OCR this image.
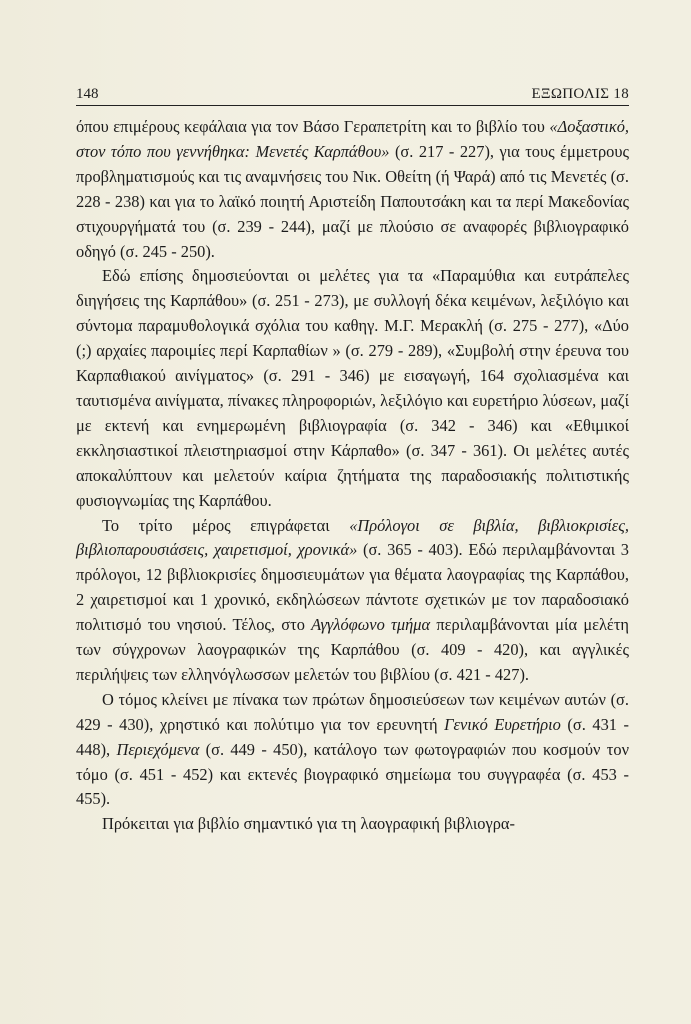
148	ΕΞΩΠΟΛΙΣ 18

όπου επιμέρους κεφάλαια για τον Βάσο Γεραπετρίτη και το βιβλίο του «Δοξαστικό, στον τόπο που γεννήθηκα: Μενετές Καρπάθου» (σ. 217 - 227), για τους έμμετρους προβληματισμούς και τις αναμνήσεις του Νικ. Οθείτη (ή Ψαρά) από τις Μενετές (σ. 228 - 238) και για το λαϊκό ποιητή Αριστείδη Παπουτσάκη και τα περί Μακεδονίας στιχουργήματά του (σ. 239 - 244), μαζί με πλούσιο σε αναφορές βιβλιογραφικό οδηγό (σ. 245 - 250).

Εδώ επίσης δημοσιεύονται οι μελέτες για τα «Παραμύθια και ευτράπελες διηγήσεις της Καρπάθου» (σ. 251 - 273), με συλλογή δέκα κειμένων, λεξιλόγιο και σύντομα παραμυθολογικά σχόλια του καθηγ. Μ.Γ. Μερακλή (σ. 275 - 277), «Δύο (;) αρχαίες παροιμίες περί Καρπαθίων » (σ. 279 - 289), «Συμβολή στην έρευνα του Καρπαθιακού αινίγματος» (σ. 291 - 346) με εισαγωγή, 164 σχολιασμένα και ταυτισμένα αινίγματα, πίνακες πληροφοριών, λεξιλόγιο και ευρετήριο λύσεων, μαζί με εκτενή και ενημερωμένη βιβλιογραφία (σ. 342 - 346) και «Εθιμικοί εκκλησιαστικοί πλειστηριασμοί στην Κάρπαθο» (σ. 347 - 361). Οι μελέτες αυτές αποκαλύπτουν και μελετούν καίρια ζητήματα της παραδοσιακής πολιτιστικής φυσιογνωμίας της Καρπάθου.

Το τρίτο μέρος επιγράφεται «Πρόλογοι σε βιβλία, βιβλιοκρισίες, βιβλιοπαρουσιάσεις, χαιρετισμοί, χρονικά» (σ. 365 - 403). Εδώ περιλαμβάνονται 3 πρόλογοι, 12 βιβλιοκρισίες δημοσιευμάτων για θέματα λαογραφίας της Καρπάθου, 2 χαιρετισμοί και 1 χρονικό, εκδηλώσεων πάντοτε σχετικών με τον παραδοσιακό πολιτισμό του νησιού. Τέλος, στο Αγγλόφωνο τμήμα περιλαμβάνονται μία μελέτη των σύγχρονων λαογραφικών της Καρπάθου (σ. 409 - 420), και αγγλικές περιλήψεις των ελληνόγλωσσων μελετών του βιβλίου (σ. 421 - 427).

Ο τόμος κλείνει με πίνακα των πρώτων δημοσιεύσεων των κειμένων αυτών (σ. 429 - 430), χρηστικό και πολύτιμο για τον ερευνητή Γενικό Ευρετήριο (σ. 431 - 448), Περιεχόμενα (σ. 449 - 450), κατάλογο των φωτογραφιών που κοσμούν τον τόμο (σ. 451 - 452) και εκτενές βιογραφικό σημείωμα του συγγραφέα (σ. 453 - 455).

Πρόκειται για βιβλίο σημαντικό για τη λαογραφική βιβλιογρα-
